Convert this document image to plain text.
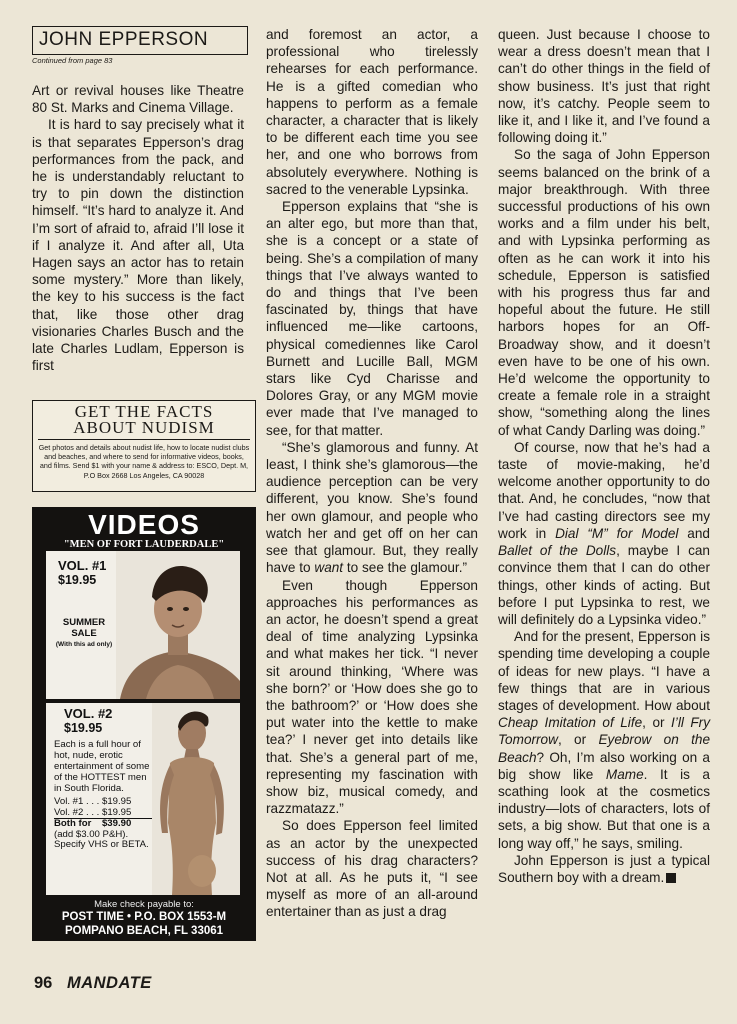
JOHN EPPERSON
Continued from page 83

Art or revival houses like Theatre 80 St. Marks and Cinema Village.

It is hard to say precisely what it is that separates Epperson’s drag performances from the pack, and he is understandably reluctant to try to pin down the distinction himself. “It’s hard to analyze it. And I’m sort of afraid to, afraid I’ll lose it if I analyze it. And after all, Uta Hagen says an actor has to retain some mystery.” More than likely, the key to his success is the fact that, like those other drag visionaries Charles Busch and the late Charles Ludlam, Epperson is first

GET THE FACTS
ABOUT NUDISM
Get photos and details about nudist life, how to locate nudist clubs and beaches, and where to send for informative videos, books, and films. Send $1 with your name & address to: ESCO, Dept. M, P.O Box 2668 Los Angeles, CA 90028
VIDEOS
"MEN OF FORT LAUDERDALE"
VOL. #1
$19.95
SUMMER
SALE
(With this ad only)
VOL. #2
$19.95
Each is a full hour of hot, nude, erotic entertainment of some of the HOTTEST men in South Florida.
Vol. #1 . . . $19.95
Vol. #2 . . . $19.95
Both for    $39.90
(add $3.00 P&H).
Specify VHS or BETA.
Make check payable to:
POST TIME • P.O. BOX 1553-M
POMPANO BEACH, FL 33061

and foremost an actor, a professional who tirelessly rehearses for each performance. He is a gifted comedian who happens to perform as a female character, a character that is likely to be different each time you see her, and one who borrows from absolutely everywhere. Nothing is sacred to the venerable Lypsinka.

Epperson explains that “she is an alter ego, but more than that, she is a concept or a state of being. She’s a compilation of many things that I’ve always wanted to do and things that I’ve been fascinated by, things that have influenced me—like cartoons, physical comediennes like Carol Burnett and Lucille Ball, MGM stars like Cyd Charisse and Dolores Gray, or any MGM movie ever made that I’ve managed to see, for that matter.

“She’s glamorous and funny. At least, I think she’s glamorous—the audience perception can be very different, you know. She’s found her own glamour, and people who watch her and get off on her can see that glamour. But, they really have to want to see the glamour.”

Even though Epperson approaches his performances as an actor, he doesn’t spend a great deal of time analyzing Lypsinka and what makes her tick. “I never sit around thinking, ‘Where was she born?’ or ‘How does she go to the bathroom?’ or ‘How does she put water into the kettle to make tea?’ I never get into details like that. She’s a general part of me, representing my fascination with show biz, musical comedy, and razzmatazz.”

So does Epperson feel limited as an actor by the unexpected success of his drag characters? Not at all. As he puts it, “I see myself as more of an all-around entertainer than as just a drag

queen. Just because I choose to wear a dress doesn’t mean that I can’t do other things in the field of show business. It’s just that right now, it’s catchy. People seem to like it, and I like it, and I’ve found a following doing it.”

So the saga of John Epperson seems balanced on the brink of a major breakthrough. With three successful productions of his own works and a film under his belt, and with Lypsinka performing as often as he can work it into his schedule, Epperson is satisfied with his progress thus far and hopeful about the future. He still harbors hopes for an Off-Broadway show, and it doesn’t even have to be one of his own. He’d welcome the opportunity to create a female role in a straight show, “something along the lines of what Candy Darling was doing.”

Of course, now that he’s had a taste of movie-making, he’d welcome another opportunity to do that. And, he concludes, “now that I’ve had casting directors see my work in Dial “M” for Model and Ballet of the Dolls, maybe I can convince them that I can do other things, other kinds of acting. But before I put Lypsinka to rest, we will definitely do a Lypsinka video.”

And for the present, Epperson is spending time developing a couple of ideas for new plays. “I have a few things that are in various stages of development. How about Cheap Imitation of Life, or I’ll Fry Tomorrow, or Eyebrow on the Beach? Oh, I’m also working on a big show like Mame. It is a scathing look at the cosmetics industry—lots of characters, lots of sets, a big show. But that one is a long way off,” he says, smiling.

John Epperson is just a typical Southern boy with a dream.

96 MANDATE
